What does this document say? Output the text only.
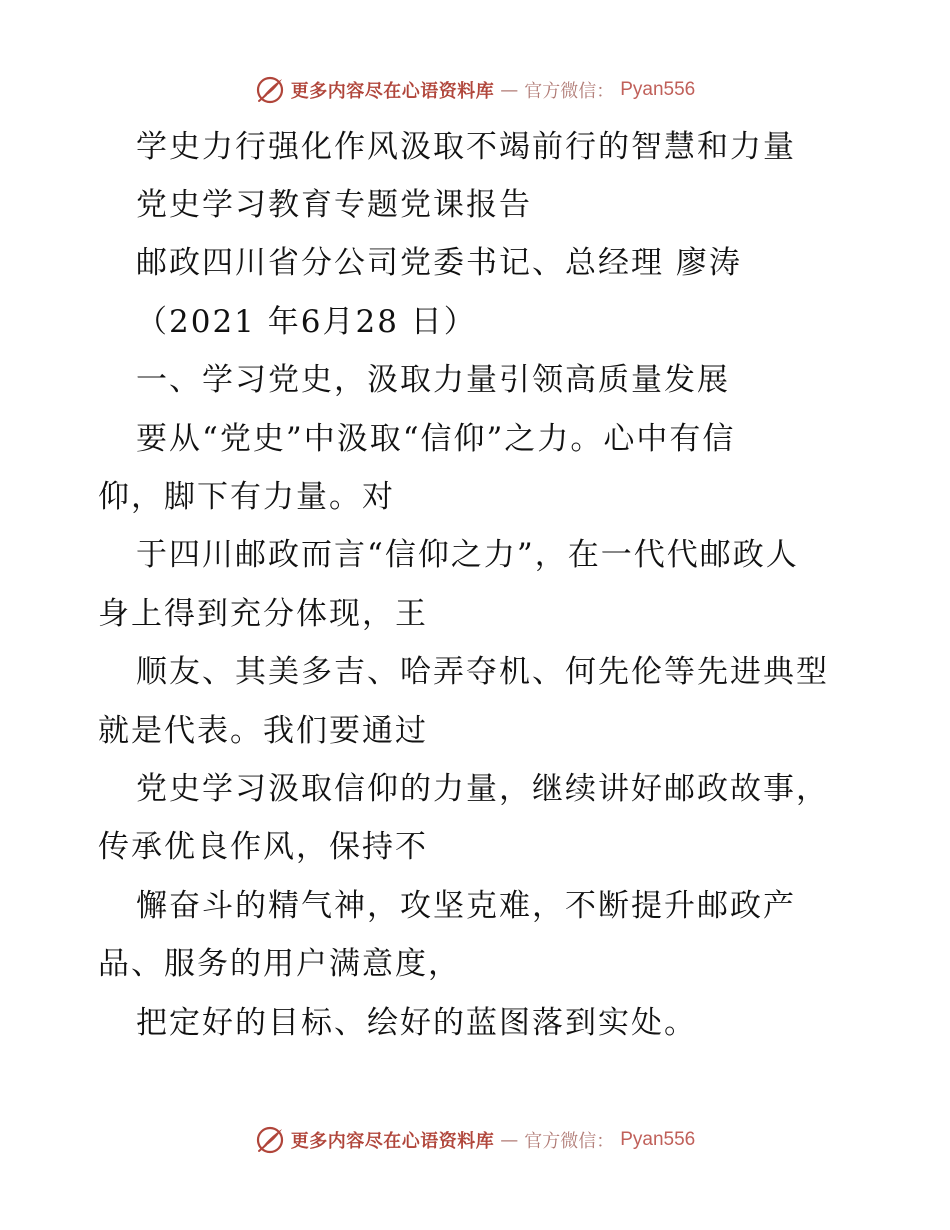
更多内容尽在心语资料库 — 官方微信： Pyan556
学史力行强化作风汲取不竭前行的智慧和力量
党史学习教育专题党课报告
邮政四川省分公司党委书记、总经理 廖涛
（2021 年6月28 日）
一、学习党史，汲取力量引领高质量发展
要从“党史”中汲取“信仰”之力。心中有信
仰，脚下有力量。对
于四川邮政而言“信仰之力”，在一代代邮政人
身上得到充分体现，王
顺友、其美多吉、哈弄夺机、何先伦等先进典型
就是代表。我们要通过
党史学习汲取信仰的力量，继续讲好邮政故事，
传承优良作风，保持不
懈奋斗的精气神，攻坚克难，不断提升邮政产
品、服务的用户满意度，
把定好的目标、绘好的蓝图落到实处。
更多内容尽在心语资料库 — 官方微信： Pyan556
